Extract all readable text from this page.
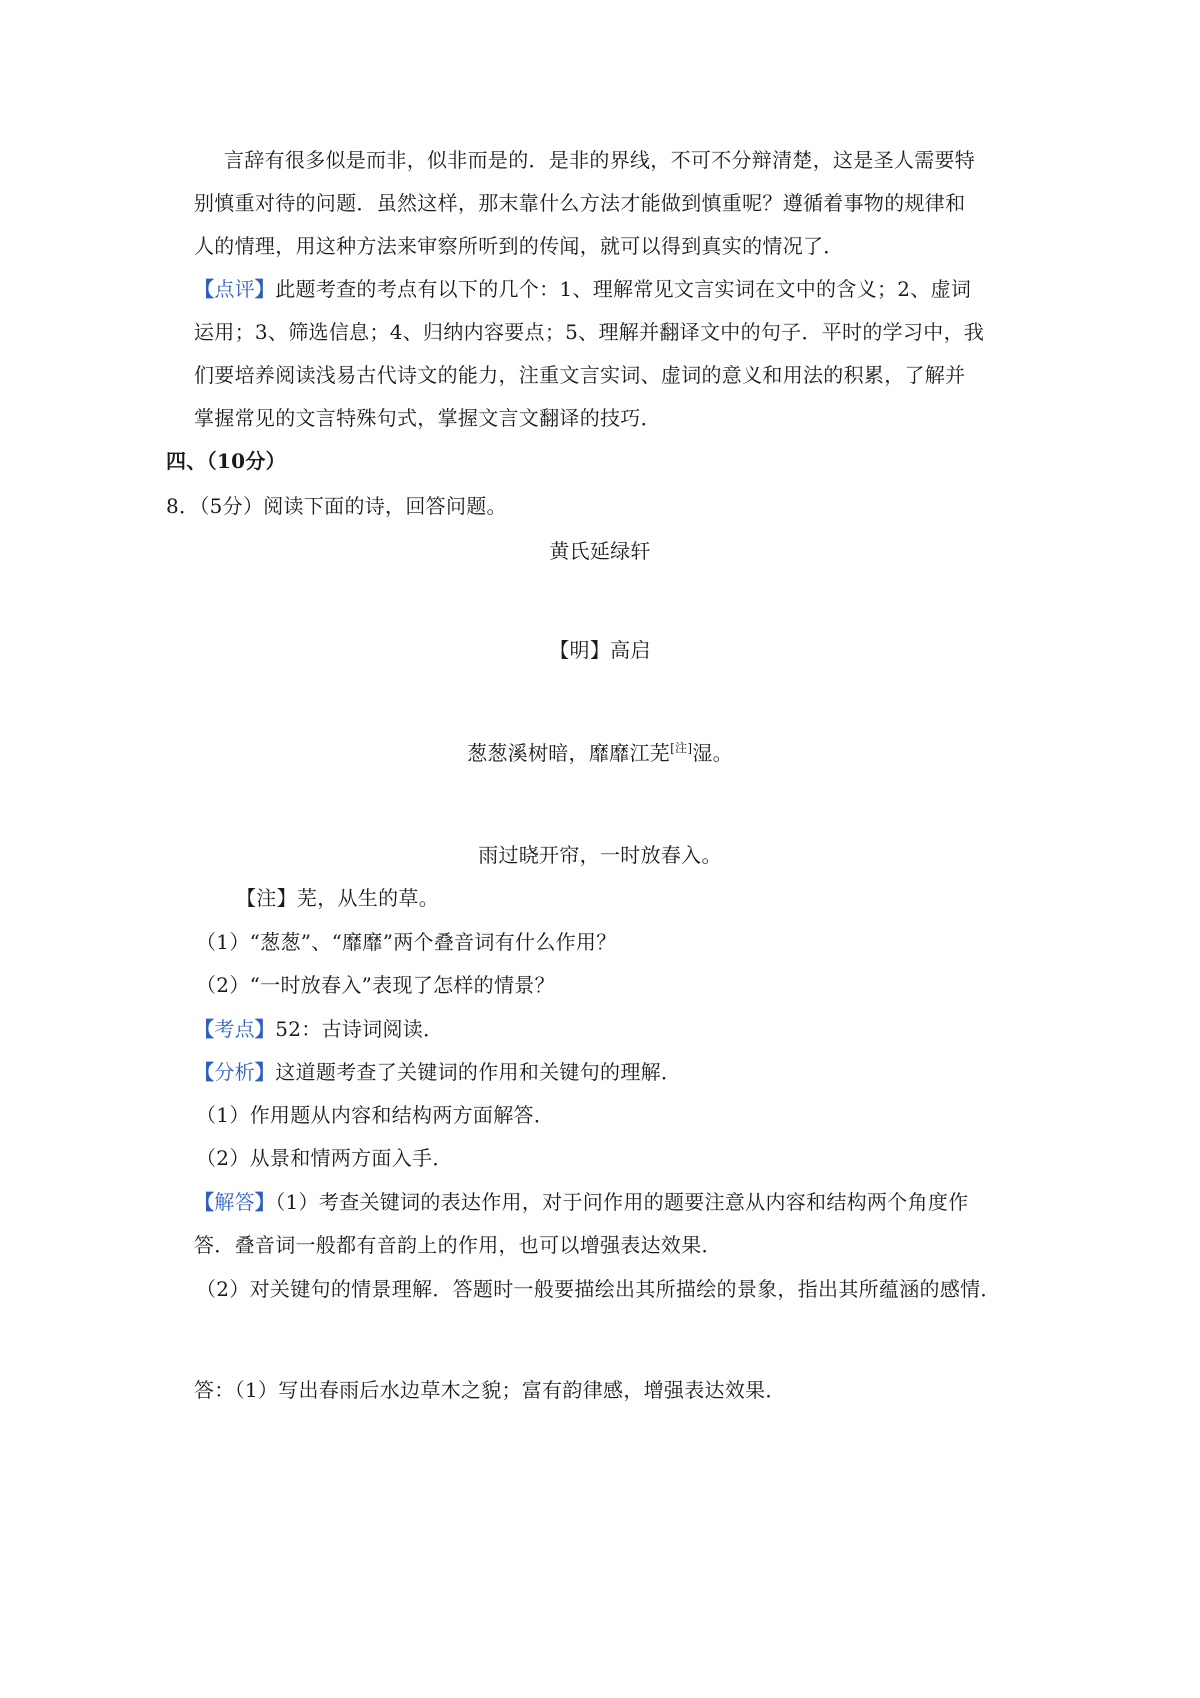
言辞有很多似是而非，似非而是的．是非的界线，不可不分辩清楚，这是圣人需要特
别慎重对待的问题．虽然这样，那末靠什么方法才能做到慎重呢？遵循着事物的规律和
人的情理，用这种方法来审察所听到的传闻，就可以得到真实的情况了．
【点评】此题考查的考点有以下的几个：1、理解常见文言实词在文中的含义；2、虚词
运用；3、筛选信息；4、归纳内容要点；5、理解并翻译文中的句子．平时的学习中，我
们要培养阅读浅易古代诗文的能力，注重文言实词、虚词的意义和用法的积累，了解并
掌握常见的文言特殊句式，掌握文言文翻译的技巧．
四、（10分）
8．（5分）阅读下面的诗，回答问题。
黄氏延绿轩
【明】高启
葱葱溪树暗，靡靡江芜[注]湿。
雨过晓开帘，一时放春入。
【注】芜，从生的草。
（1）“葱葱”、“靡靡”两个叠音词有什么作用？
（2）“一时放春入”表现了怎样的情景？
【考点】52：古诗词阅读．
【分析】这道题考查了关键词的作用和关键句的理解．
（1）作用题从内容和结构两方面解答．
（2）从景和情两方面入手．
【解答】（1）考查关键词的表达作用，对于问作用的题要注意从内容和结构两个角度作
答．叠音词一般都有音韵上的作用，也可以增强表达效果．
（2）对关键句的情景理解．答题时一般要描绘出其所描绘的景象，指出其所蕴涵的感情．
答：（1）写出春雨后水边草木之貌；富有韵律感，增强表达效果．
